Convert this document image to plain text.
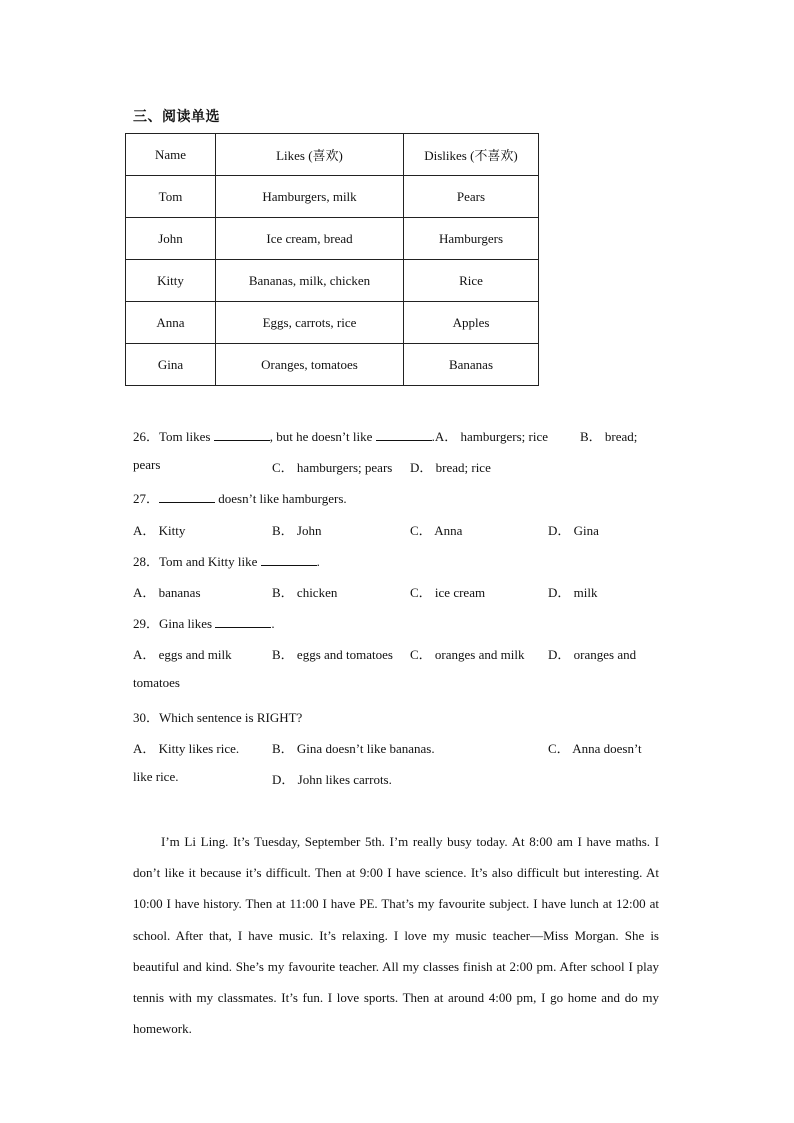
三、阅读单选
Name	Likes (喜欢)	Dislikes (不喜欢)
Tom	Hamburgers, milk	Pears
John	Ice cream, bread	Hamburgers
Kitty	Bananas, milk, chicken	Rice
Anna	Eggs, carrots, rice	Apples
Gina	Oranges, tomatoes	Bananas
26．Tom likes	, but he doesn’t like	.A． hamburgers; rice B． bread;
pears	C． hamburgers; pears D． bread; rice
27．	doesn’t like hamburgers.
A． Kitty	B． John	C． Anna	D． Gina
28．Tom and Kitty like	.
A． bananas	B． chicken	C． ice cream	D． milk
29．Gina likes	.
A． eggs and milk	B． eggs and tomatoes C． oranges and milk D． oranges and
tomatoes
30．Which sentence is RIGHT?
A． Kitty likes rice.	B． Gina doesn’t like bananas.	C． Anna doesn’t
like rice.	D． John likes carrots.
I’m Li Ling. It’s Tuesday, September 5th. I’m really busy today. At 8:00 am I have maths. I don’t like it because it’s difficult. Then at 9:00 I have science. It’s also difficult but interesting. At 10:00 I have history. Then at 11:00 I have PE. That’s my favourite subject. I have lunch at 12:00 at school. After that, I have music. It’s relaxing. I love my music teacher—Miss Morgan. She is beautiful and kind. She’s my favourite teacher. All my classes finish at 2:00 pm. After school I play tennis with my classmates. It’s fun. I love sports. Then at around 4:00 pm, I go home and do my homework.
